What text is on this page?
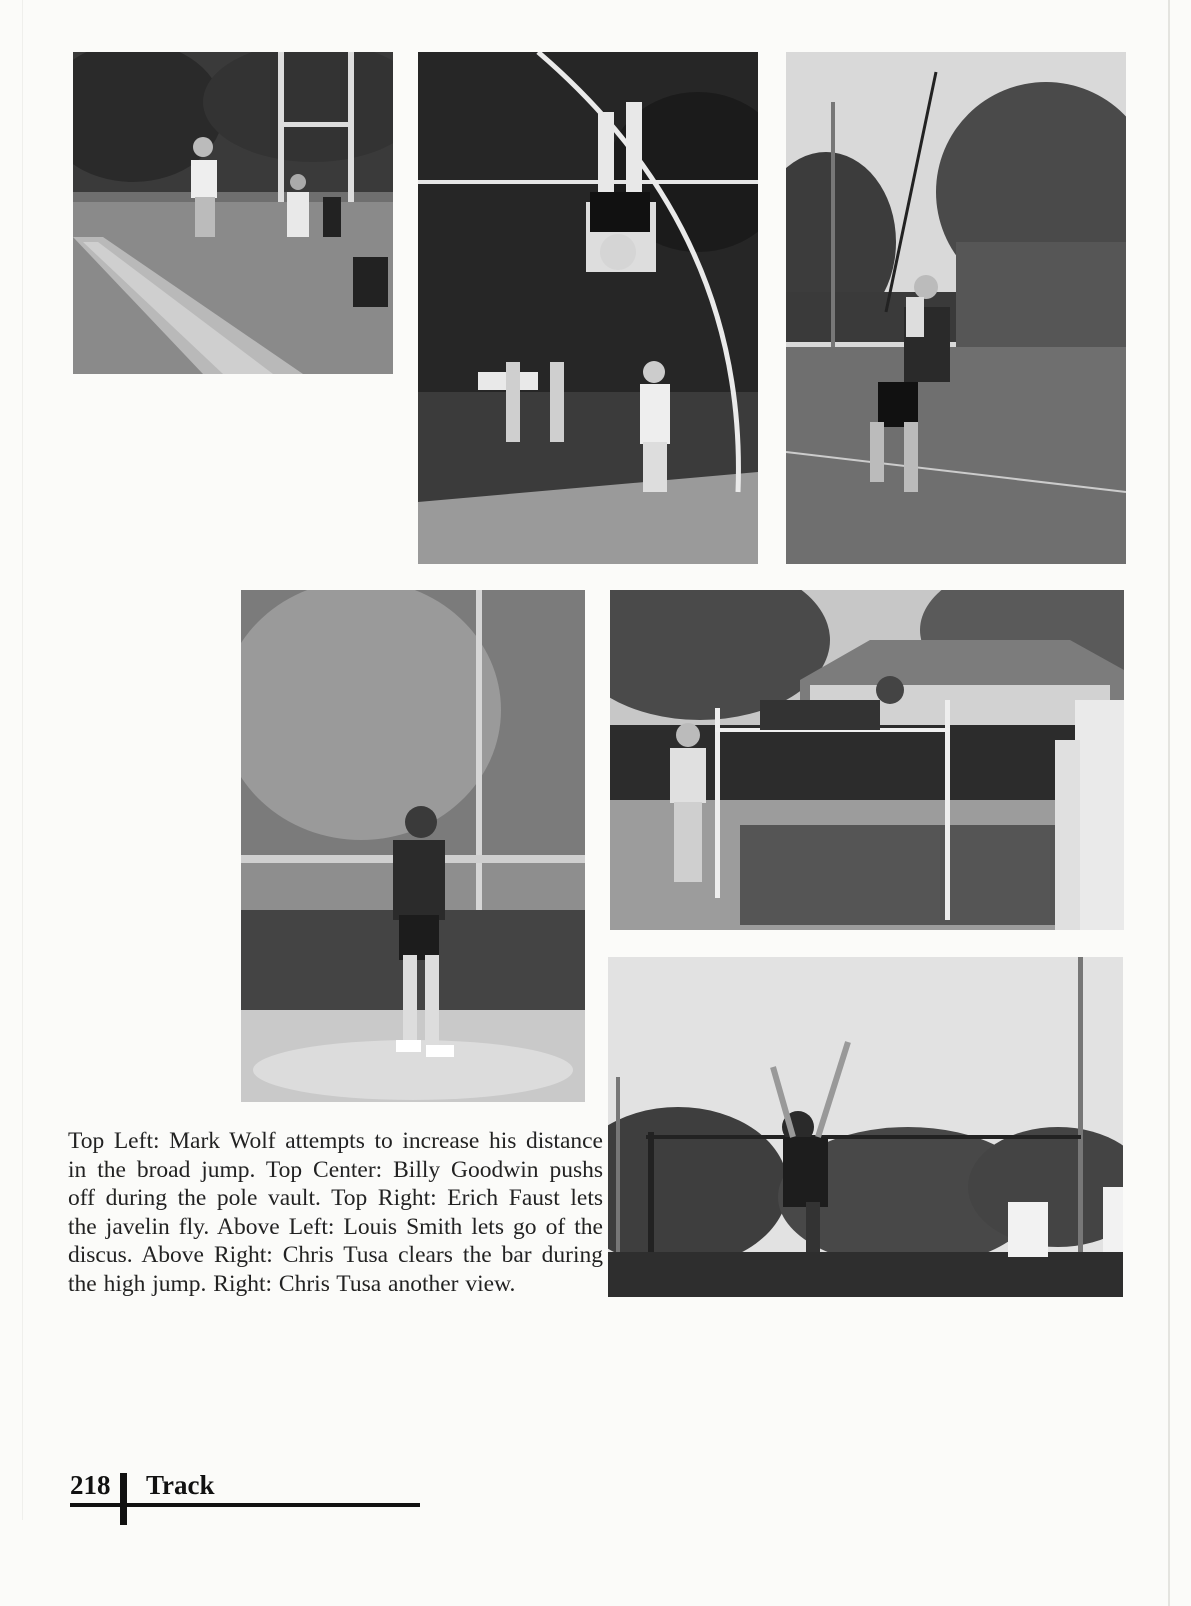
Top Left: Mark Wolf attempts to increase his distance in the broad jump. Top Center: Billy Goodwin pushs off during the pole vault. Top Right: Erich Faust lets the javelin fly. Above Left: Louis Smith lets go of the discus. Above Right: Chris Tusa clears the bar during the high jump. Right: Chris Tusa another view.
218 Track
